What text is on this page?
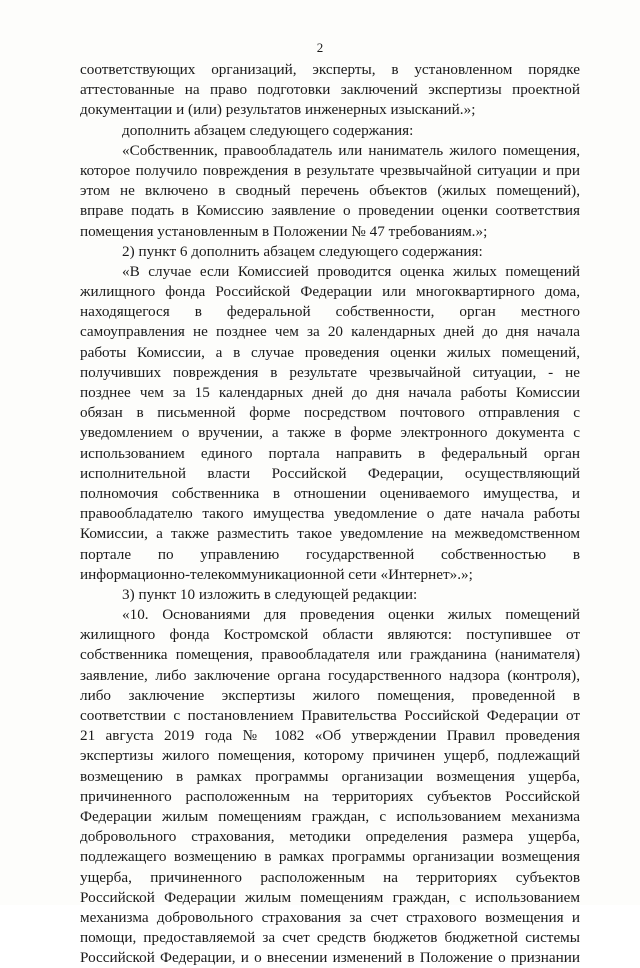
2
соответствующих организаций, эксперты, в установленном порядке
аттестованные на право подготовки заключений экспертизы проектной
документации и (или) результатов инженерных изысканий.»;
дополнить абзацем следующего содержания:
«Собственник, правообладатель или наниматель жилого помещения,
которое получило повреждения в результате чрезвычайной ситуации и при
этом не включено в сводный перечень объектов (жилых помещений),
вправе подать в Комиссию заявление о проведении оценки соответствия
помещения установленным в Положении № 47 требованиям.»;
2) пункт 6 дополнить абзацем следующего содержания:
«В случае если Комиссией проводится оценка жилых помещений
жилищного фонда Российской Федерации или многоквартирного дома,
находящегося в федеральной собственности, орган местного
самоуправления не позднее чем за 20 календарных дней до дня начала
работы Комиссии, а в случае проведения оценки жилых помещений,
получивших повреждения в результате чрезвычайной ситуации, - не
позднее чем за 15 календарных дней до дня начала работы Комиссии
обязан в письменной форме посредством почтового отправления с
уведомлением о вручении, а также в форме электронного документа с
использованием единого портала направить в федеральный орган
исполнительной власти Российской Федерации, осуществляющий
полномочия собственника в отношении оцениваемого имущества, и
правообладателю такого имущества уведомление о дате начала работы
Комиссии, а также разместить такое уведомление на межведомственном
портале по управлению государственной собственностью в
информационно-телекоммуникационной сети «Интернет».»;
3) пункт 10 изложить в следующей редакции:
«10. Основаниями для проведения оценки жилых помещений
жилищного фонда Костромской области являются: поступившее от
собственника помещения, правообладателя или гражданина (нанимателя)
заявление, либо заключение органа государственного надзора (контроля),
либо заключение экспертизы жилого помещения, проведенной в
соответствии с постановлением Правительства Российской Федерации от
21 августа 2019 года № 1082 «Об утверждении Правил проведения
экспертизы жилого помещения, которому причинен ущерб, подлежащий
возмещению в рамках программы организации возмещения ущерба,
причиненного расположенным на территориях субъектов Российской
Федерации жилым помещениям граждан, с использованием механизма
добровольного страхования, методики определения размера ущерба,
подлежащего возмещению в рамках программы организации возмещения
ущерба, причиненного расположенным на территориях субъектов
Российской Федерации жилым помещениям граждан, с использованием
механизма добровольного страхования за счет страхового возмещения и
помощи, предоставляемой за счет средств бюджетов бюджетной системы
Российской Федерации, и о внесении изменений в Положение о признании
